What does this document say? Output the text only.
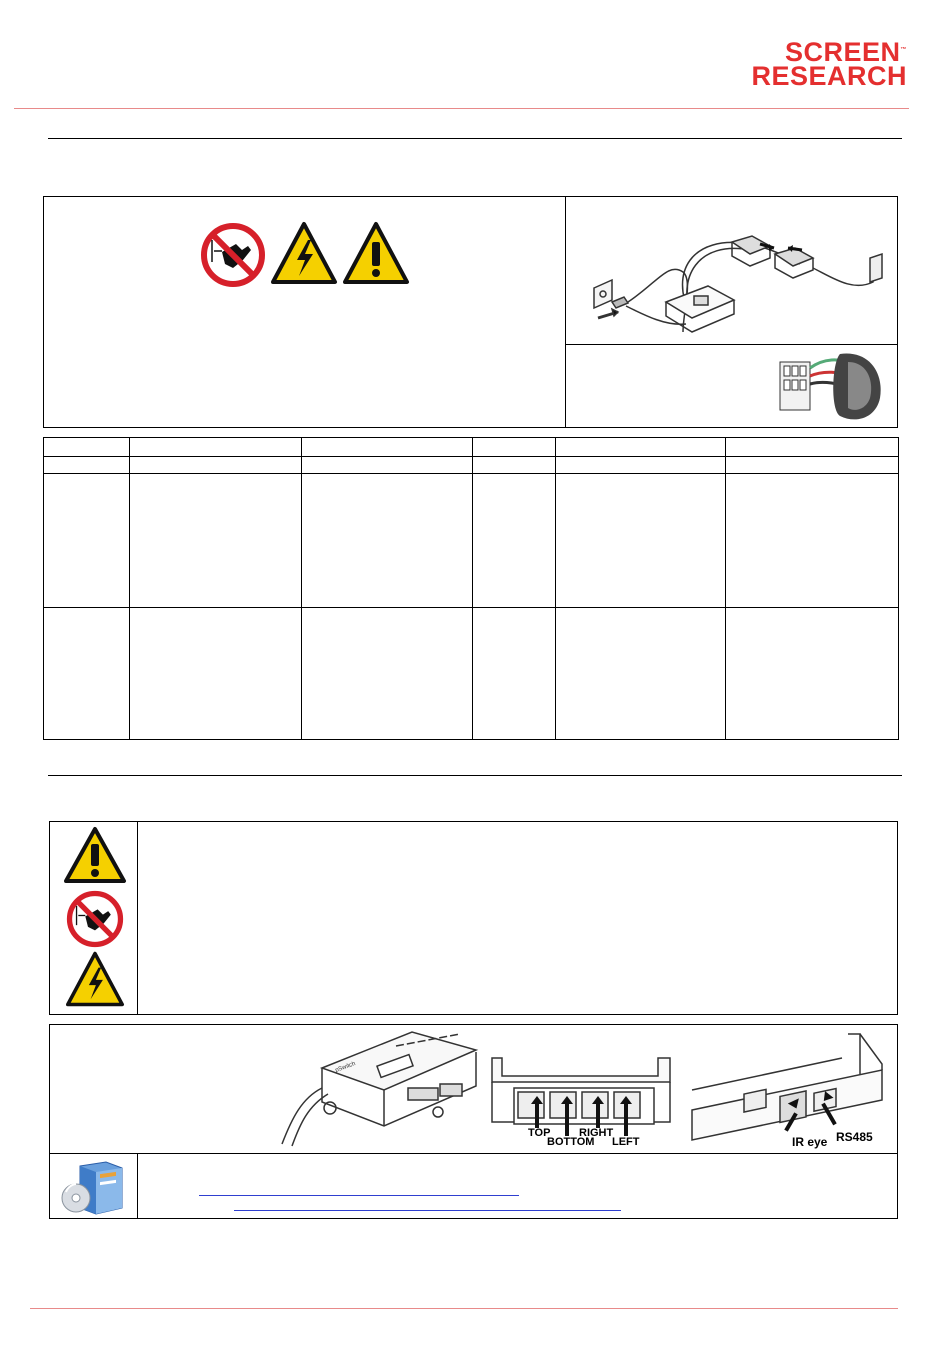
SCREEN™
RESEARCH

pSwitch
TOP
BOTTOM
RIGHT
LEFT	IR eye RS485
